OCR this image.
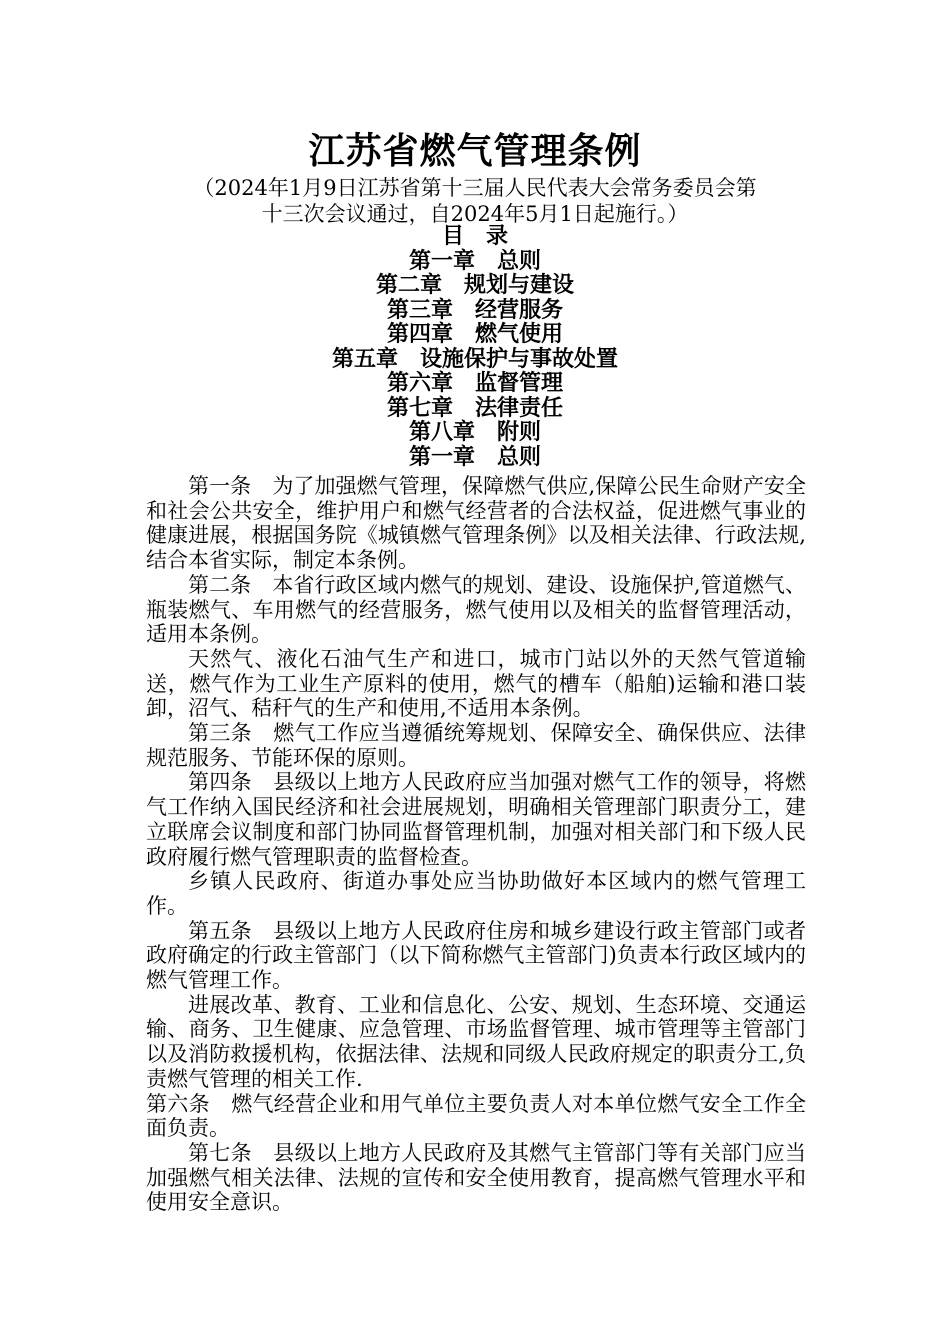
江苏省燃气管理条例
（2024年1月9日江苏省第十三届人民代表大会常务委员会第
十三次会议通过，自2024年5月1日起施行。）
目　录
第一章　总则
第二章　规划与建设
第三章　经营服务
第四章　燃气使用
第五章　设施保护与事故处置
第六章　监督管理
第七章　法律责任
第八章　附则
第一章　总则

第一条　为了加强燃气管理，保障燃气供应,保障公民生命财产安全和社会公共安全，维护用户和燃气经营者的合法权益，促进燃气事业的健康进展，根据国务院《城镇燃气管理条例》以及相关法律、行政法规,结合本省实际，制定本条例。

第二条　本省行政区域内燃气的规划、建设、设施保护,管道燃气、瓶装燃气、车用燃气的经营服务，燃气使用以及相关的监督管理活动，适用本条例。

天然气、液化石油气生产和进口，城市门站以外的天然气管道输送，燃气作为工业生产原料的使用，燃气的槽车（船舶)运输和港口装卸，沼气、秸秆气的生产和使用,不适用本条例。

第三条　燃气工作应当遵循统筹规划、保障安全、确保供应、法律规范服务、节能环保的原则。

第四条　县级以上地方人民政府应当加强对燃气工作的领导，将燃气工作纳入国民经济和社会进展规划，明确相关管理部门职责分工，建立联席会议制度和部门协同监督管理机制，加强对相关部门和下级人民政府履行燃气管理职责的监督检查。

乡镇人民政府、街道办事处应当协助做好本区域内的燃气管理工作。

第五条　县级以上地方人民政府住房和城乡建设行政主管部门或者政府确定的行政主管部门（以下简称燃气主管部门)负责本行政区域内的燃气管理工作。

进展改革、教育、工业和信息化、公安、规划、生态环境、交通运输、商务、卫生健康、应急管理、市场监督管理、城市管理等主管部门以及消防救援机构，依据法律、法规和同级人民政府规定的职责分工,负责燃气管理的相关工作.

第六条　燃气经营企业和用气单位主要负责人对本单位燃气安全工作全面负责。

第七条　县级以上地方人民政府及其燃气主管部门等有关部门应当加强燃气相关法律、法规的宣传和安全使用教育，提高燃气管理水平和使用安全意识。
